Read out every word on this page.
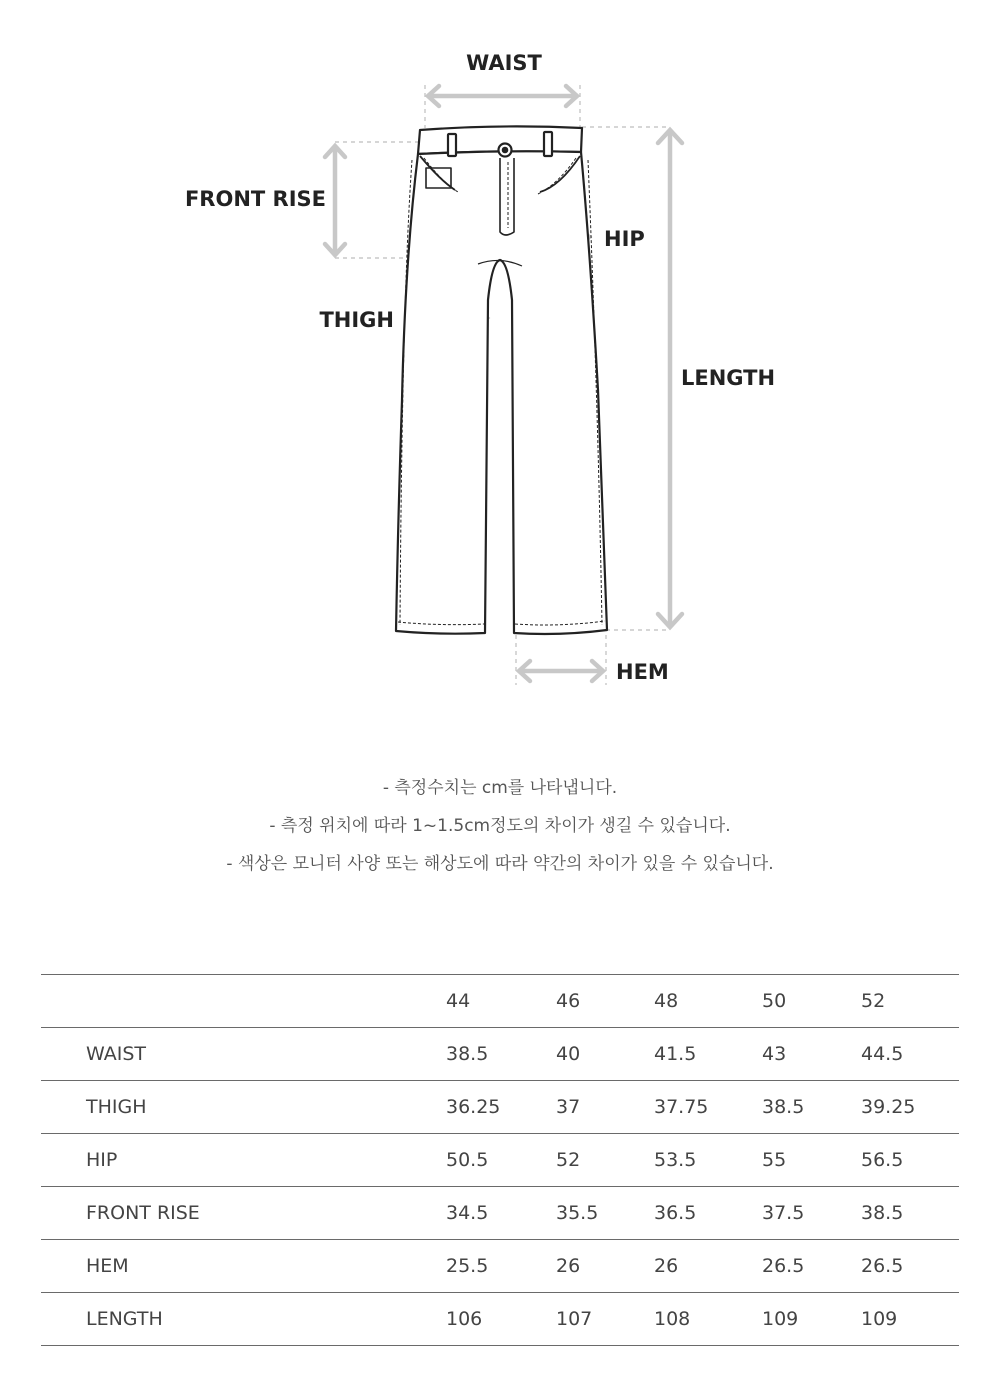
WAIST
FRONT RISE
HIP
THIGH
LENGTH
HEM
- 측정수치는 cm를 나타냅니다.
- 측정 위치에 따라 1~1.5cm정도의 차이가 생길 수 있습니다.
- 색상은 모니터 사양 또는 해상도에 따라 약간의 차이가 있을 수 있습니다.
	44	46	48	50	52
WAIST	38.5	40	41.5	43	44.5
THIGH	36.25	37	37.75	38.5	39.25
HIP	50.5	52	53.5	55	56.5
FRONT RISE	34.5	35.5	36.5	37.5	38.5
HEM	25.5	26	26	26.5	26.5
LENGTH	106	107	108	109	109
